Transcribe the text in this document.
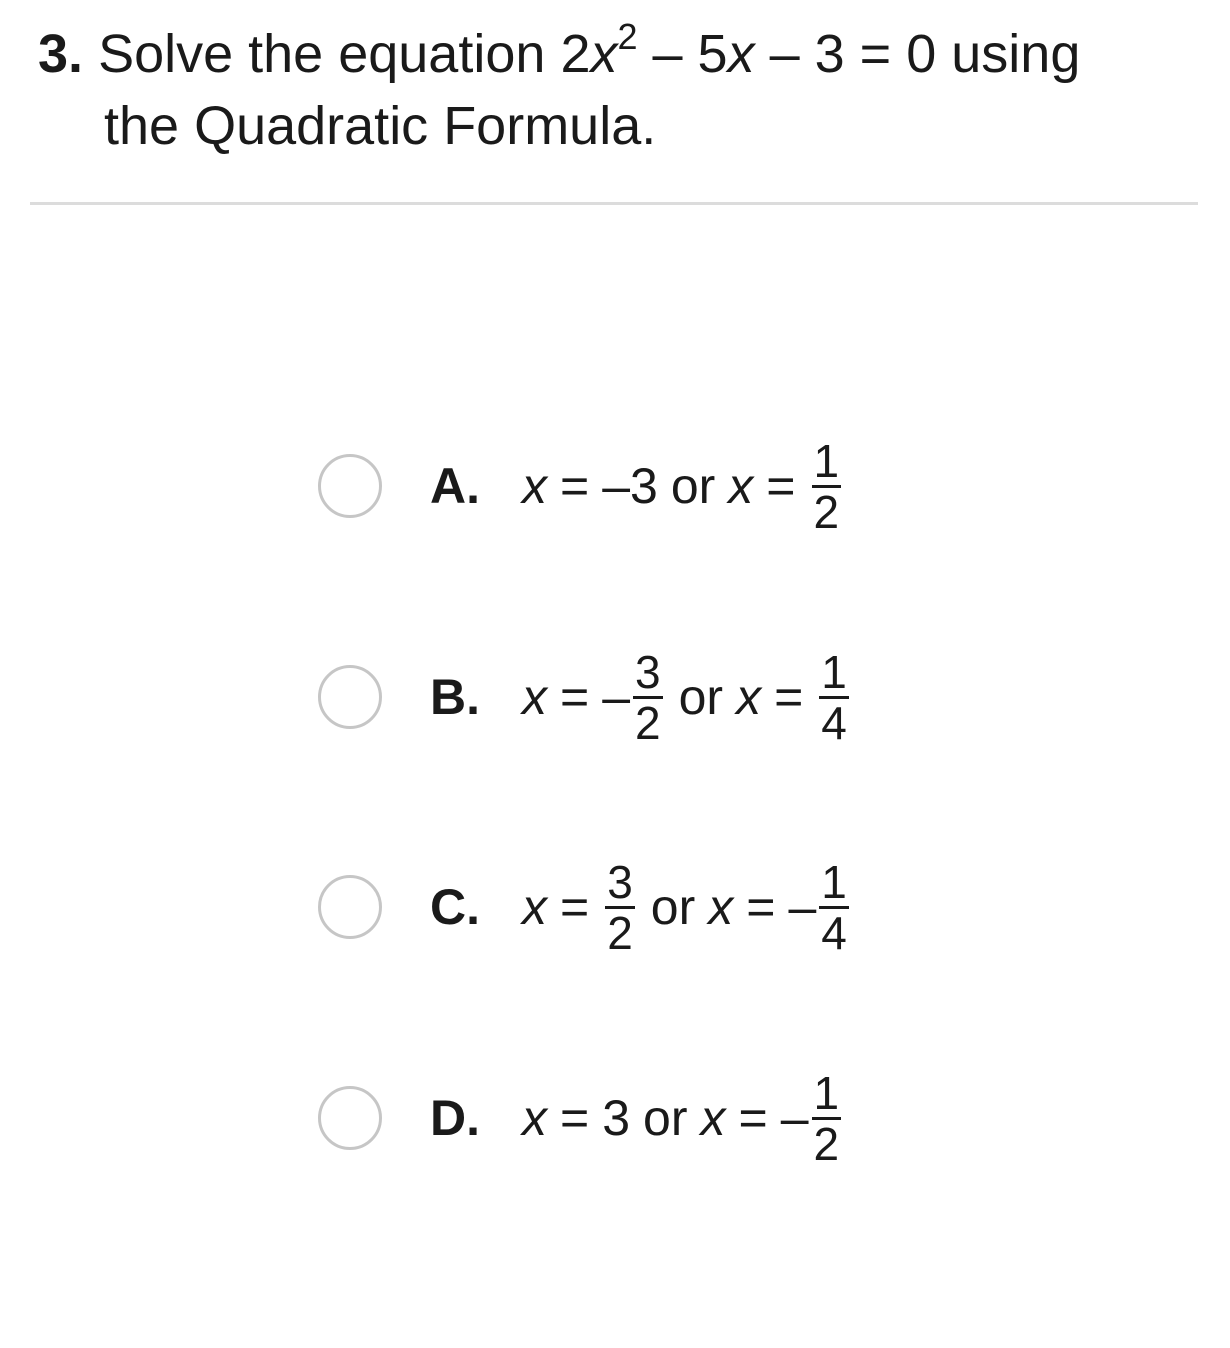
3. Solve the equation $2x^2 - 5x - 3 = 0$ using
the Quadratic Formula.
A. x = –3 or $x = \frac{1}{2}$
B. x = – $\frac{3}{2}$ or $x = \frac{1}{4}$
C. $x = \frac{3}{2}$ or x = – $\frac{1}{4}$
D. x = 3 or x = – $\frac{1}{2}$
